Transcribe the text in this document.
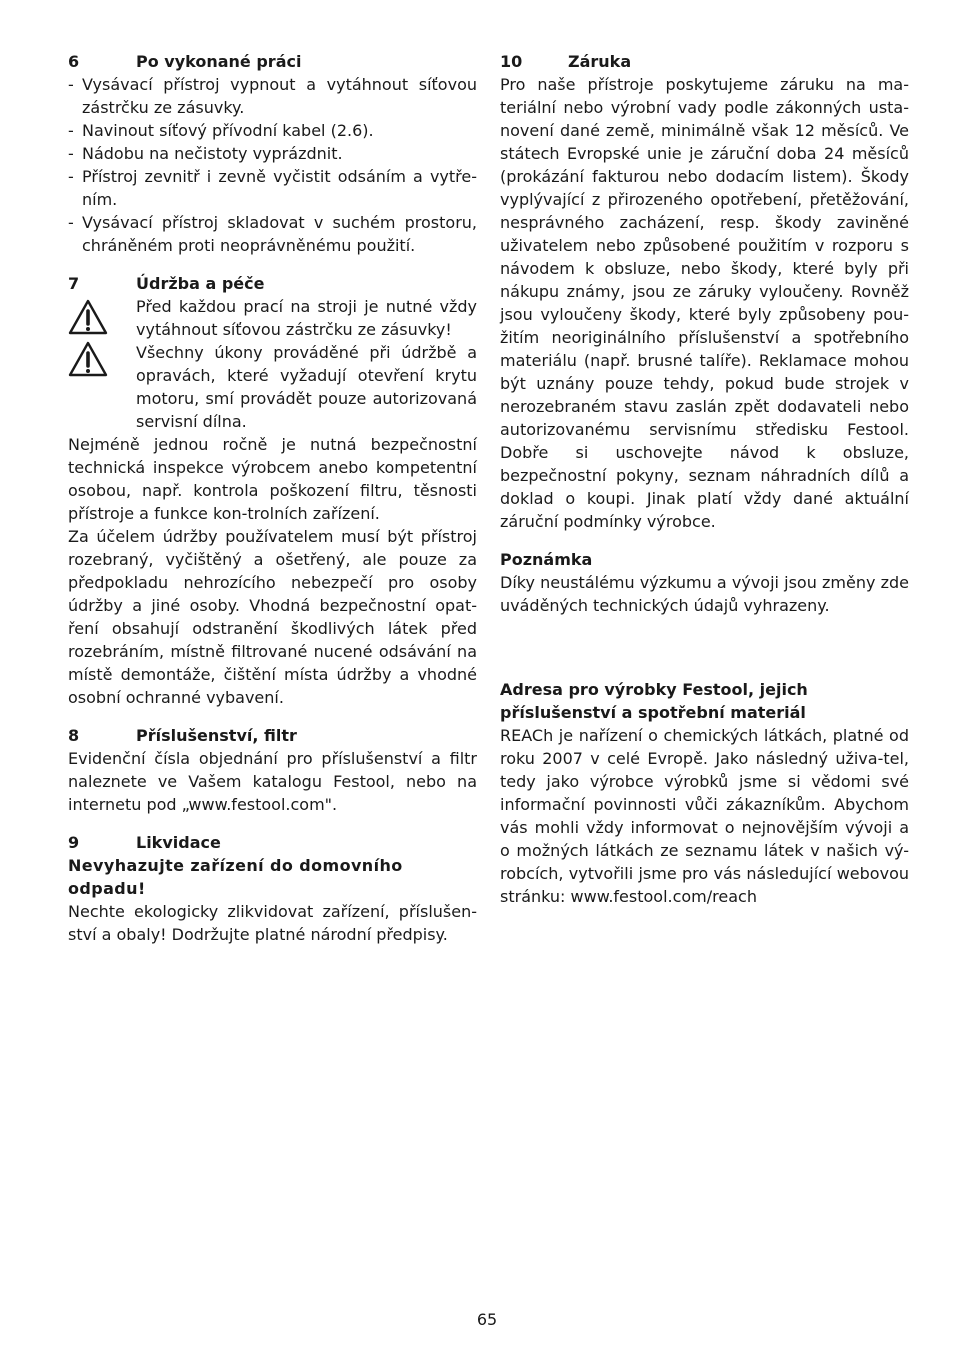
6	Po vykonané práci
- Vysávací přístroj vypnout a vytáhnout síťovou zástrčku ze zásuvky.
- Navinout síťový přívodní kabel (2.6).
- Nádobu na nečistoty vyprázdnit.
- Přístroj zevnitř i zevně vyčistit odsáním a vytře-ním.
- Vysávací přístroj skladovat v suchém prostoru, chráněném proti neoprávněnému použití.
7	Údržba a péče

Před každou prací na stroji je nutné vždy vytáhnout síťovou zástrčku ze zásuvky!

Všechny úkony prováděné při údržbě a opravách, které vyžadují otevření krytu motoru, smí provádět pouze autorizovaná servisní dílna.

Nejméně jednou ročně je nutná bezpečnostní technická inspekce výrobcem anebo kompetentní osobou, např. kontrola poškození filtru, těsnosti přístroje a funkce kon-trolních zařízení.

Za účelem údržby používatelem musí být přístroj rozebraný, vyčištěný a ošetřený, ale pouze za předpokladu nehrozícího nebezpečí pro osoby údržby a jiné osoby. Vhodná bezpečnostní opat-ření obsahují odstranění škodlivých látek před rozebráním, místně filtrované nucené odsávání na místě demontáže, čištění místa údržby a vhodné osobní ochranné vybavení.

8	Příslušenství, filtr

Evidenční čísla objednání pro příslušenství a filtr naleznete ve Vašem katalogu Festool, nebo na internetu pod „www.festool.com".

9	Likvidace

Nevyhazujte zařízení do domovního odpadu!

Nechte ekologicky zlikvidovat zařízení, příslušen-ství a obaly! Dodržujte platné národní předpisy.

10	Záruka

Pro naše přístroje poskytujeme záruku na ma-teriální nebo výrobní vady podle zákonných usta-novení dané země, minimálně však 12 měsíců. Ve státech Evropské unie je záruční doba 24 měsíců (prokázání fakturou nebo dodacím listem). Škody vyplývající z přirozeného opotřebení, přetěžování, nesprávného zacházení, resp. škody zaviněné uživatelem nebo způsobené použitím v rozporu s návodem k obsluze, nebo škody, které byly při nákupu známy, jsou ze záruky vyloučeny. Rovněž jsou vyloučeny škody, které byly způsobeny pou-žitím neoriginálního příslušenství a spotřebního materiálu (např. brusné talíře). Reklamace mohou být uznány pouze tehdy, pokud bude strojek v nerozebraném stavu zaslán zpět dodavateli nebo autorizovanému servisnímu středisku Festool. Dobře si uschovejte návod k obsluze, bezpečnostní pokyny, seznam náhradních dílů a doklad o koupi. Jinak platí vždy dané aktuální záruční podmínky výrobce.

Poznámka

Díky neustálému výzkumu a vývoji jsou změny zde uváděných technických údajů vyhrazeny.

Adresa pro výrobky Festool, jejich příslušenství a spotřební materiál

REACh je nařízení o chemických látkách, platné od roku 2007 v celé Evropě. Jako následný uživa-tel, tedy jako výrobce výrobků jsme si vědomi své informační povinnosti vůči zákazníkům. Abychom vás mohli vždy informovat o nejnovějším vývoji a o možných látkách ze seznamu látek v našich vý-robcích, vytvořili jsme pro vás následující webovou stránku: www.festool.com/reach

65
